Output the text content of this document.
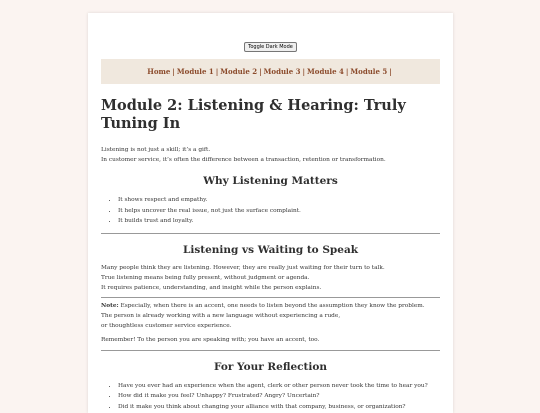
Toggle Dark Mode
Home | Module 1 | Module 2 | Module 3 | Module 4 | Module 5 |
Module 2: Listening & Hearing: Truly Tuning In

Listening is not just a skill; it’s a gift.

In customer service, it’s often the difference between a transaction, retention or transformation.

Why Listening Matters
• It shows respect and empathy.
• It helps uncover the real issue, not just the surface complaint.
• It builds trust and loyalty.
Listening vs Waiting to Speak

Many people think they are listening. However, they are really just waiting for their turn to talk.

True listening means being fully present, without judgment or agenda.

It requires patience, understanding, and insight while the person explains.

Note: Especially, when there is an accent, one needs to listen beyond the assumption they know the problem.

The person is already working with a new language without experiencing a rude,

or thoughtless customer service experience.

Remember! To the person you are speaking with; you have an accent, too.

For Your Reflection
• Have you ever had an experience when the agent, clerk or other person never took the time to hear you?
• How did it make you feel? Unhappy? Frustrated? Angry? Uncertain?
• Did it make you think about changing your alliance with that company, business, or organization?
